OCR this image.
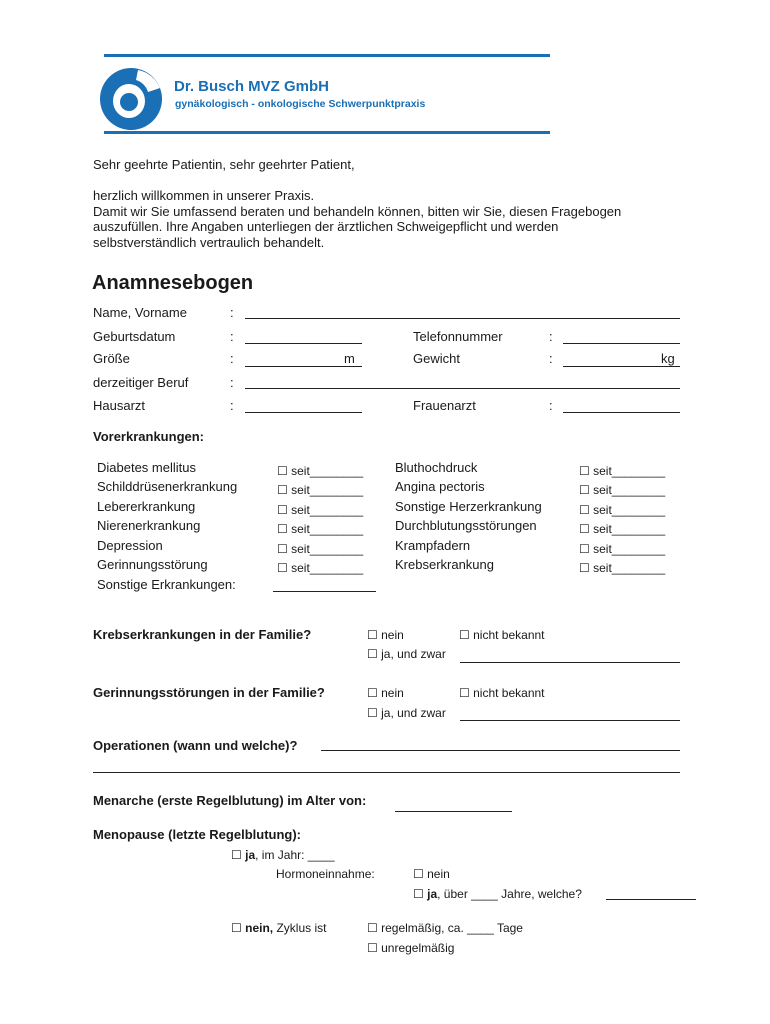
Dr. Busch MVZ GmbH
gynäkologisch - onkologische Schwerpunktpraxis
Sehr geehrte Patientin, sehr geehrter Patient,
herzlich willkommen in unserer Praxis.
Damit wir Sie umfassend beraten und behandeln können, bitten wir Sie, diesen Fragebogen
auszufüllen. Ihre Angaben unterliegen der ärztlichen Schweigepflicht und werden
selbstverständlich vertraulich behandelt.
Anamnesebogen
Name, Vorname	:
Geburtsdatum	:	Telefonnummer	:
Größe	:	m	Gewicht	:	kg
derzeitiger Beruf	:
Hausarzt	:	Frauenarzt	:
Vorerkrankungen:
Diabetes mellitus	☐ seit________ Bluthochdruck	☐ seit________
Schilddrüsenerkrankung	☐ seit________ Angina pectoris	☐ seit________
Lebererkrankung	☐ seit________ Sonstige Herzerkrankung	☐ seit________
Nierenerkrankung	☐ seit________ Durchblutungsstörungen	☐ seit________
Depression	☐ seit________ Krampfadern	☐ seit________
Gerinnungsstörung	☐ seit________ Krebserkrankung	☐ seit________
Sonstige Erkrankungen:
Krebserkrankungen in der Familie?	☐ nein	☐ nicht bekannt
☐ ja, und zwar
Gerinnungsstörungen in der Familie?	☐ nein	☐ nicht bekannt
☐ ja, und zwar
Operationen (wann und welche)?
Menarche (erste Regelblutung) im Alter von:
Menopause (letzte Regelblutung):
☐ ja, im Jahr: ____
Hormoneinnahme:	☐ nein
☐ ja, über ____ Jahre, welche?
☐ nein, Zyklus ist	☐ regelmäßig, ca. ____ Tage
☐ unregelmäßig
